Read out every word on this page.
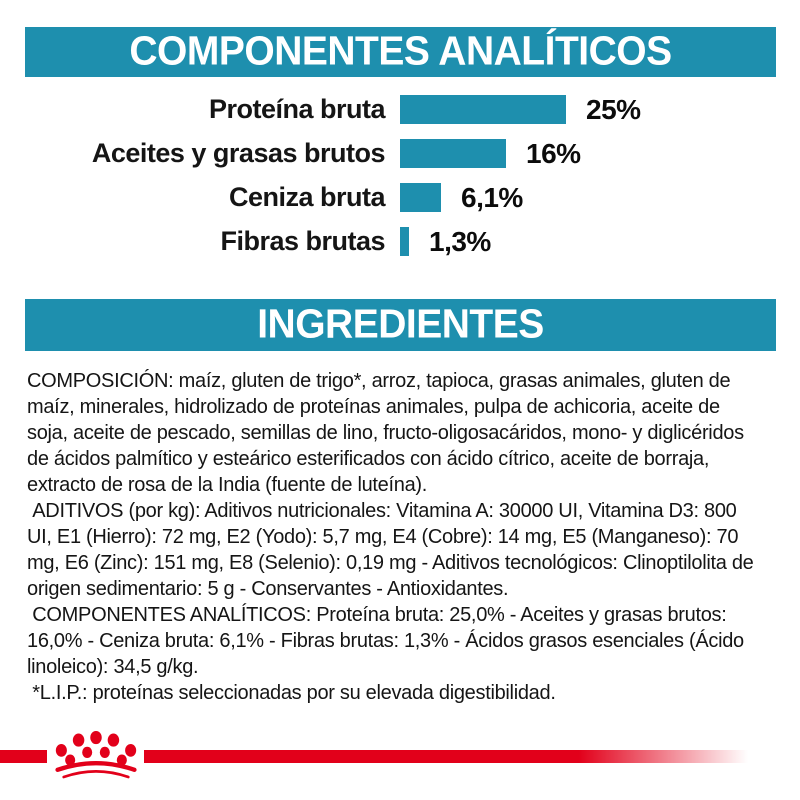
COMPONENTES ANALÍTICOS
Proteína bruta	25%
Aceites y grasas brutos	16%
Ceniza bruta	6,1%
Fibras brutas 1,3%
INGREDIENTES
COMPOSICIÓN: maíz, gluten de trigo*, arroz, tapioca, grasas animales, gluten de maíz, minerales, hidrolizado de proteínas animales, pulpa de achicoria, aceite de soja, aceite de pescado, semillas de lino, fructo-oligosacáridos, mono- y diglicéridos de ácidos palmítico y esteárico esterificados con ácido cítrico, aceite de borraja, extracto de rosa de la India (fuente de luteína).
ADITIVOS (por kg): Aditivos nutricionales: Vitamina A: 30000 UI, Vitamina D3: 800 UI, E1 (Hierro): 72 mg, E2 (Yodo): 5,7 mg, E4 (Cobre): 14 mg, E5 (Manganeso): 70 mg, E6 (Zinc): 151 mg, E8 (Selenio): 0,19 mg - Aditivos tecnológicos: Clinoptilolita de origen sedimentario: 5 g - Conservantes - Antioxidantes.
COMPONENTES ANALÍTICOS: Proteína bruta: 25,0% - Aceites y grasas brutos: 16,0% - Ceniza bruta: 6,1% - Fibras brutas: 1,3% - Ácidos grasos esenciales (Ácido linoleico): 34,5 g/kg.
*L.I.P.: proteínas seleccionadas por su elevada digestibilidad.
